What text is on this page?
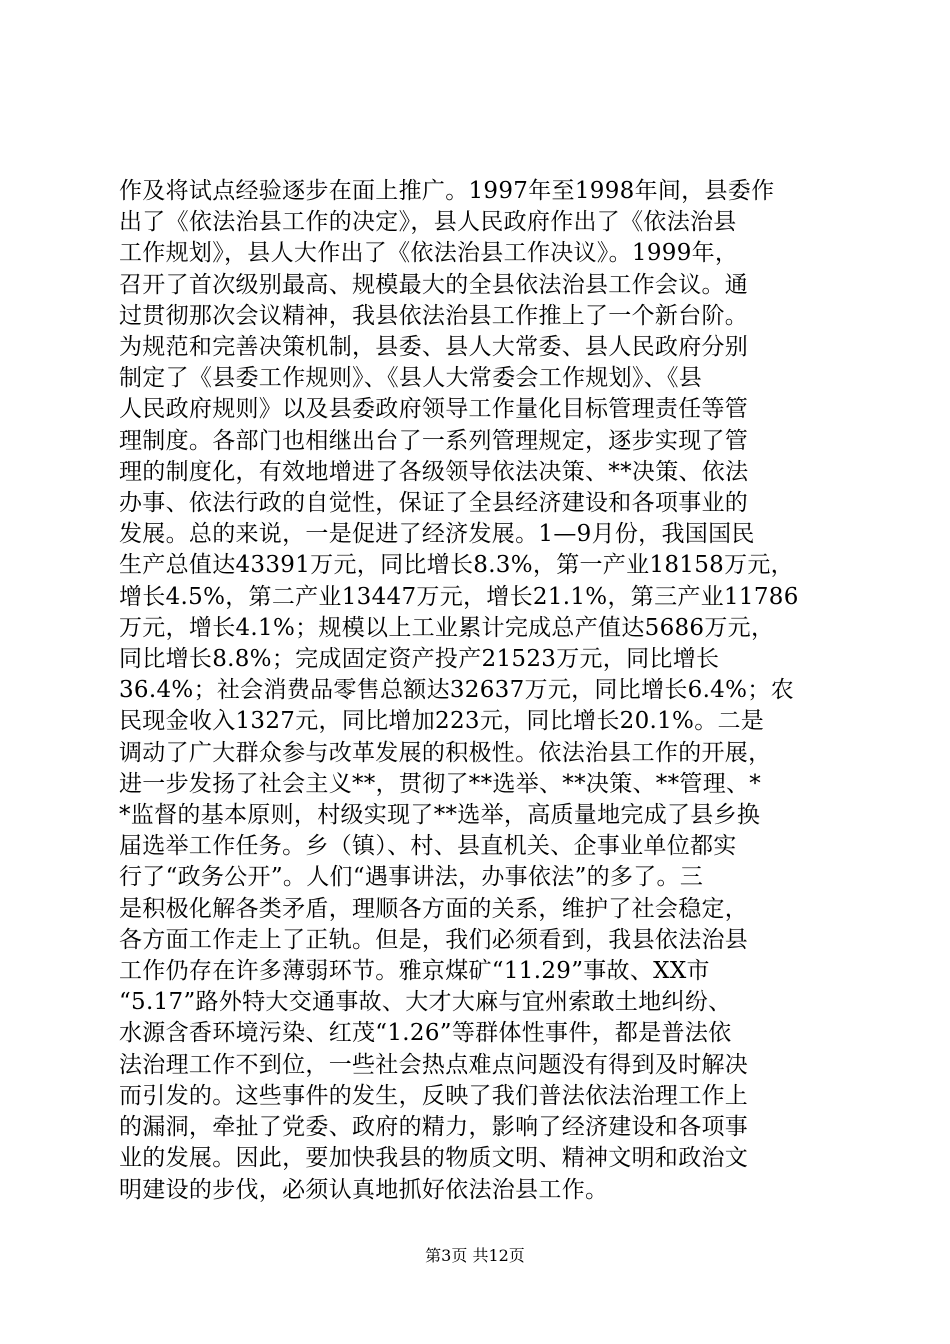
作及将试点经验逐步在面上推广。1997年至1998年间，县委作
出了《依法治县工作的决定》，县人民政府作出了《依法治县
工作规划》，县人大作出了《依法治县工作决议》。1999年，
召开了首次级别最高、规模最大的全县依法治县工作会议。通
过贯彻那次会议精神，我县依法治县工作推上了一个新台阶。
为规范和完善决策机制，县委、县人大常委、县人民政府分别
制定了《县委工作规则》、《县人大常委会工作规划》、《县
人民政府规则》以及县委政府领导工作量化目标管理责任等管
理制度。各部门也相继出台了一系列管理规定，逐步实现了管
理的制度化，有效地增进了各级领导依法决策、**决策、依法
办事、依法行政的自觉性，保证了全县经济建设和各项事业的
发展。总的来说，一是促进了经济发展。1—9月份，我国国民
生产总值达43391万元，同比增长8.3%，第一产业18158万元，
增长4.5%，第二产业13447万元，增长21.1%，第三产业11786
万元，增长4.1%；规模以上工业累计完成总产值达5686万元，
同比增长8.8%；完成固定资产投产21523万元，同比增长
36.4%；社会消费品零售总额达32637万元，同比增长6.4%；农
民现金收入1327元，同比增加223元，同比增长20.1%。二是
调动了广大群众参与改革发展的积极性。依法治县工作的开展，
进一步发扬了社会主义**，贯彻了**选举、**决策、**管理、*
*监督的基本原则，村级实现了**选举，高质量地完成了县乡换
届选举工作任务。乡（镇）、村、县直机关、企事业单位都实
行了“政务公开”。人们“遇事讲法，办事依法”的多了。三
是积极化解各类矛盾，理顺各方面的关系，维护了社会稳定，
各方面工作走上了正轨。但是，我们必须看到，我县依法治县
工作仍存在许多薄弱环节。雅京煤矿“11.29”事故、XX市
“5.17”路外特大交通事故、大才大麻与宜州索敢土地纠纷、
水源含香环境污染、红茂“1.26”等群体性事件，都是普法依
法治理工作不到位，一些社会热点难点问题没有得到及时解决
而引发的。这些事件的发生，反映了我们普法依法治理工作上
的漏洞，牵扯了党委、政府的精力，影响了经济建设和各项事
业的发展。因此，要加快我县的物质文明、精神文明和政治文
明建设的步伐，必须认真地抓好依法治县工作。
第3页 共12页
